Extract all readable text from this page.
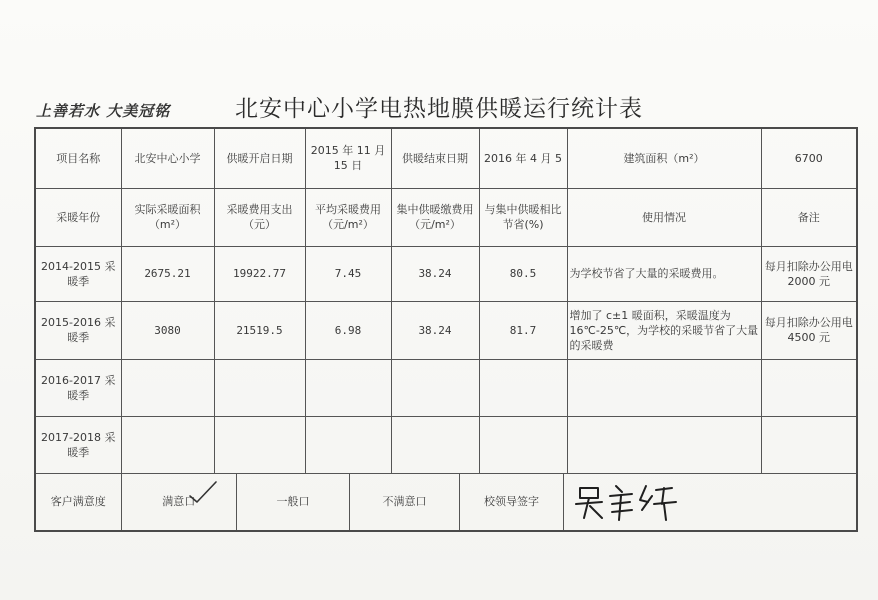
上善若水 大美冠铭	北安中心小学电热地膜供暖运行统计表
项目名称	北安中心小学	供暖开启日期	2015 年 11 月 15 日	供暖结束日期	2016 年 4 月 5	建筑面积（m²）	6700
采暖年份	实际采暖面积（m²）	采暖费用支出（元）	平均采暖费用（元/m²）	集中供暖缴费用（元/m²）	与集中供暖相比节省(%)	使用情况	备注
2014-2015 采暖季	2675.21	19922.77	7.45	38.24	80.5	为学校节省了大量的采暖费用。	每月扣除办公用电 2000 元
2015-2016 采暖季	3080	21519.5	6.98	38.24	81.7	增加了 c±1 暖面积，采暖温度为 16℃-25℃，为学校的采暖节省了大量的采暖费	每月扣除办公用电 4500 元
2016-2017 采暖季							
2017-2018 采暖季							
客户满意度		满意口	一般口	不满意口	校领导签字	
